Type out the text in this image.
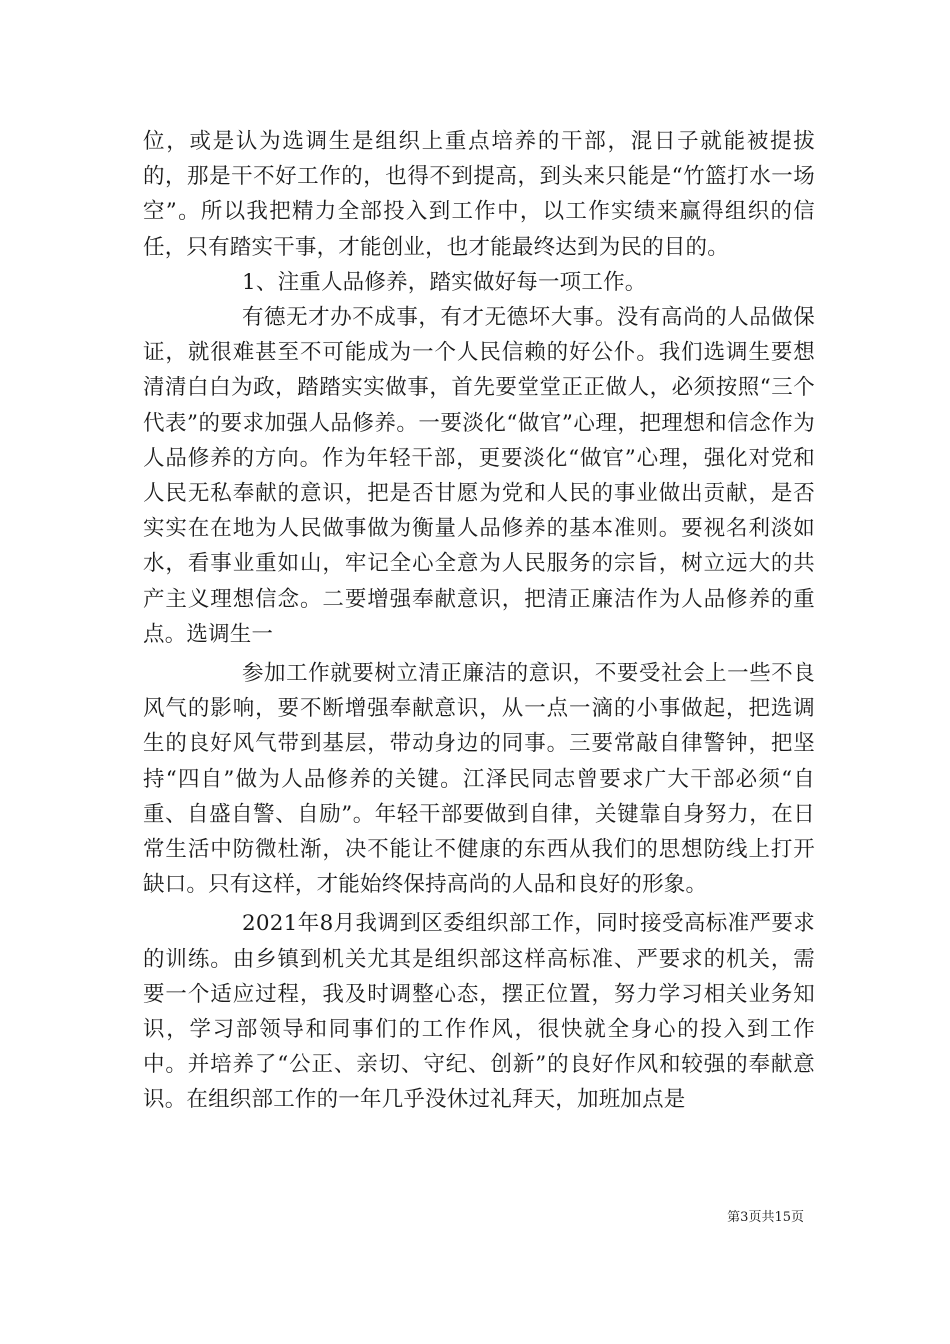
位，或是认为选调生是组织上重点培养的干部，混日子就能被提拔的，那是干不好工作的，也得不到提高，到头来只能是“竹篮打水一场空”。所以我把精力全部投入到工作中，以工作实绩来赢得组织的信任，只有踏实干事，才能创业，也才能最终达到为民的目的。

1、注重人品修养，踏实做好每一项工作。

有德无才办不成事，有才无德坏大事。没有高尚的人品做保证，就很难甚至不可能成为一个人民信赖的好公仆。我们选调生要想清清白白为政，踏踏实实做事，首先要堂堂正正做人，必须按照“三个代表”的要求加强人品修养。一要淡化“做官”心理，把理想和信念作为人品修养的方向。作为年轻干部，更要淡化“做官”心理，强化对党和人民无私奉献的意识，把是否甘愿为党和人民的事业做出贡献，是否实实在在地为人民做事做为衡量人品修养的基本准则。要视名利淡如水，看事业重如山，牢记全心全意为人民服务的宗旨，树立远大的共产主义理想信念。二要增强奉献意识，把清正廉洁作为人品修养的重点。选调生一

参加工作就要树立清正廉洁的意识，不要受社会上一些不良风气的影响，要不断增强奉献意识，从一点一滴的小事做起，把选调生的良好风气带到基层，带动身边的同事。三要常敲自律警钟，把坚持“四自”做为人品修养的关键。江泽民同志曾要求广大干部必须“自重、自盛自警、自励”。年轻干部要做到自律，关键靠自身努力，在日常生活中防微杜渐，决不能让不健康的东西从我们的思想防线上打开缺口。只有这样，才能始终保持高尚的人品和良好的形象。

2021年8月我调到区委组织部工作，同时接受高标准严要求的训练。由乡镇到机关尤其是组织部这样高标准、严要求的机关，需要一个适应过程，我及时调整心态，摆正位置，努力学习相关业务知识，学习部领导和同事们的工作作风，很快就全身心的投入到工作中。并培养了“公正、亲切、守纪、创新”的良好作风和较强的奉献意识。在组织部工作的一年几乎没休过礼拜天，加班加点是

第3页共15页
